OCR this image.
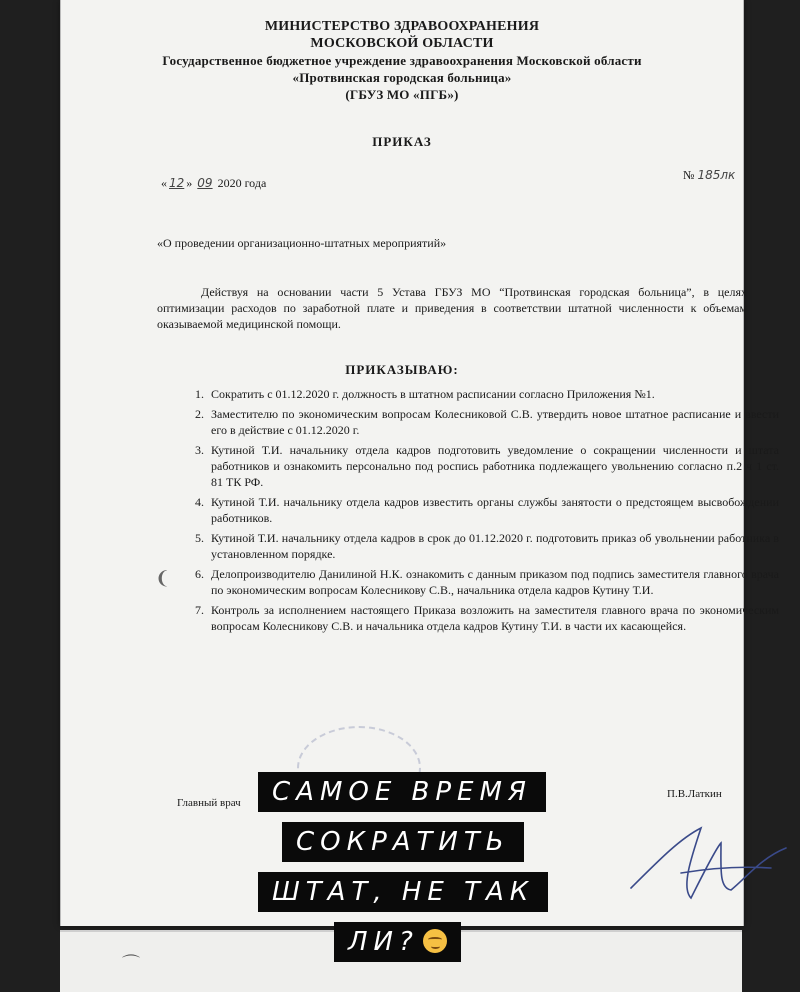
МИНИСТЕРСТВО ЗДРАВООХРАНЕНИЯ
МОСКОВСКОЙ ОБЛАСТИ
Государственное бюджетное учреждение здравоохранения Московской области
«Протвинская городская больница»
(ГБУЗ МО «ПГБ»)
ПРИКАЗ
« 12 » 09 2020 года
№ 185лк
«О проведении организационно-штатных мероприятий»
Действуя на основании части 5 Устава ГБУЗ МО “Протвинская городская больница”, в целях оптимизации расходов по заработной плате и приведения в соответствии штатной численности к объемам оказываемой медицинской помощи.
ПРИКАЗЫВАЮ:
1. Сократить с 01.12.2020 г. должность в штатном расписании согласно Приложения №1.
2. Заместителю по экономическим вопросам Колесниковой С.В. утвердить новое штатное расписание и ввести его в действие с 01.12.2020 г.
3. Кутиной Т.И. начальнику отдела кадров подготовить уведомление о сокращении численности и штата работников и ознакомить персонально под роспись работника подлежащего увольнению согласно п.2 ч 1 ст. 81 ТК РФ.
4. Кутиной Т.И. начальнику отдела кадров известить органы службы занятости о предстоящем высвобождении работников.
5. Кутиной Т.И. начальнику отдела кадров в срок до 01.12.2020 г. подготовить приказ об увольнении работника в установленном порядке.
6. Делопроизводителю Данилиной Н.К. ознакомить с данным приказом под подпись заместителя главного врача по экономическим вопросам Колесникову С.В., начальника отдела кадров Кутину Т.И.
7. Контроль за исполнением настоящего Приказа возложить на заместителя главного врача по экономическим вопросам Колесникову С.В. и начальника отдела кадров Кутину Т.И. в части их касающейся.
❨
Главный врач
П.В.Латкин
⌒
САМОЕ ВРЕМЯ
СОКРАТИТЬ
ШТАТ, НЕ ТАК
ЛИ?
